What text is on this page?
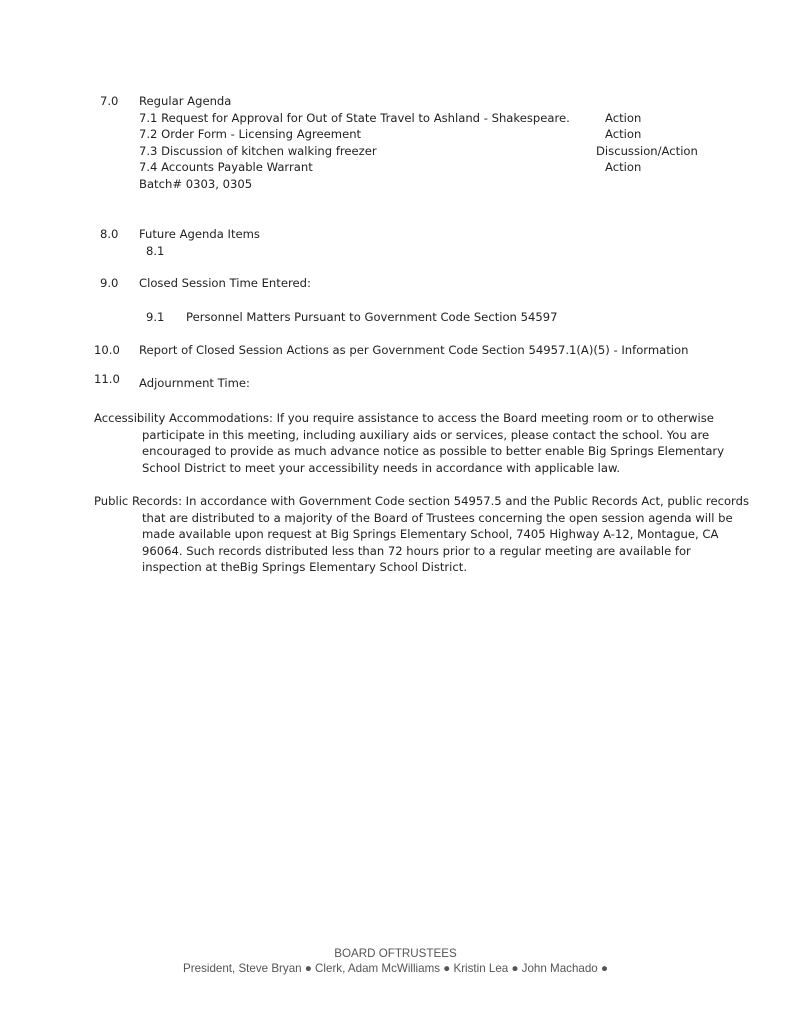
7.0 Regular Agenda
7.1 Request for Approval for Out of State Travel to Ashland - Shakespeare.	Action
7.2 Order Form - Licensing Agreement	Action
7.3 Discussion of kitchen walking freezer	Discussion/Action
7.4 Accounts Payable Warrant	Action
Batch# 0303, 0305
8.0 Future Agenda Items
8.1
9.0 Closed Session Time Entered:
9.1 Personnel Matters Pursuant to Government Code Section 54597
10.0 Report of Closed Session Actions as per Government Code Section 54957.1(A)(5) - Information
11.0 Adjournment Time:
Accessibility Accommodations: If you require assistance to access the Board meeting room or to otherwise participate in this meeting, including auxiliary aids or services, please contact the school. You are encouraged to provide as much advance notice as possible to better enable Big Springs Elementary School District to meet your accessibility needs in accordance with applicable law.
Public Records: In accordance with Government Code section 54957.5 and the Public Records Act, public records that are distributed to a majority of the Board of Trustees concerning the open session agenda will be made available upon request at Big Springs Elementary School, 7405 Highway A-12, Montague, CA 96064. Such records distributed less than 72 hours prior to a regular meeting are available for inspection at theBig Springs Elementary School District.
BOARD OFTRUSTEES
President, Steve Bryan ● Clerk, Adam McWilliams ● Kristin Lea ● John Machado ●
